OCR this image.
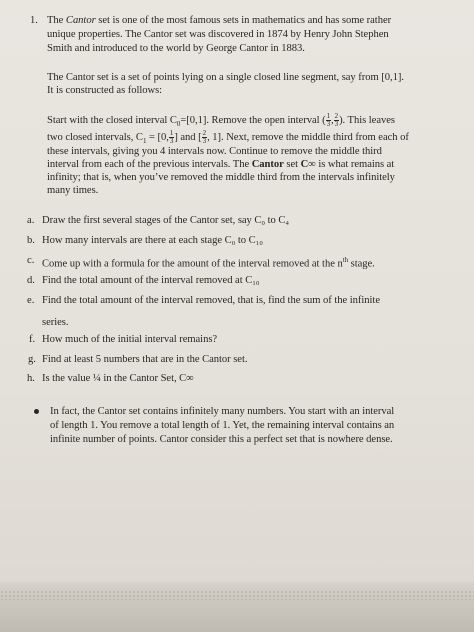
1. The Cantor set is one of the most famous sets in mathematics and has some rather
unique properties. The Cantor set was discovered in 1874 by Henry John Stephen
Smith and introduced to the world by George Cantor in 1883.
The Cantor set is a set of points lying on a single closed line segment, say from [0,1].
It is constructed as follows:
Start with the closed interval $C_0=[0,1]$. Remove the open interval ( $\frac{1}{3}$ , $\frac{2}{3}$ ). This leaves
two closed intervals, $C_1 = [0$, $\frac{1}{3}$ ] and [ $\frac{2}{3}$ , 1]. Next, remove the middle third from each of
these intervals, giving you 4 intervals now. Continue to remove the middle third
interval from each of the previous intervals. The Cantor set C∞ is what remains at
infinity; that is, when you’ve removed the middle third from the intervals infinitely
many times.
a. Draw the first several stages of the Cantor set, say C₀ to C₄
b. How many intervals are there at each stage C₀ to C₁₀
c. Come up with a formula for the amount of the interval removed at the $n^{th}$ stage.
d. Find the total amount of the interval removed at C₁₀
e. Find the total amount of the interval removed, that is, find the sum of the infinite
series.
f. How much of the initial interval remains?
g. Find at least 5 numbers that are in the Cantor set.
h. Is the value ¼ in the Cantor Set, C∞
In fact, the Cantor set contains infinitely many numbers. You start with an interval
of length 1. You remove a total length of 1. Yet, the remaining interval contains an
infinite number of points. Cantor consider this a perfect set that is nowhere dense.
